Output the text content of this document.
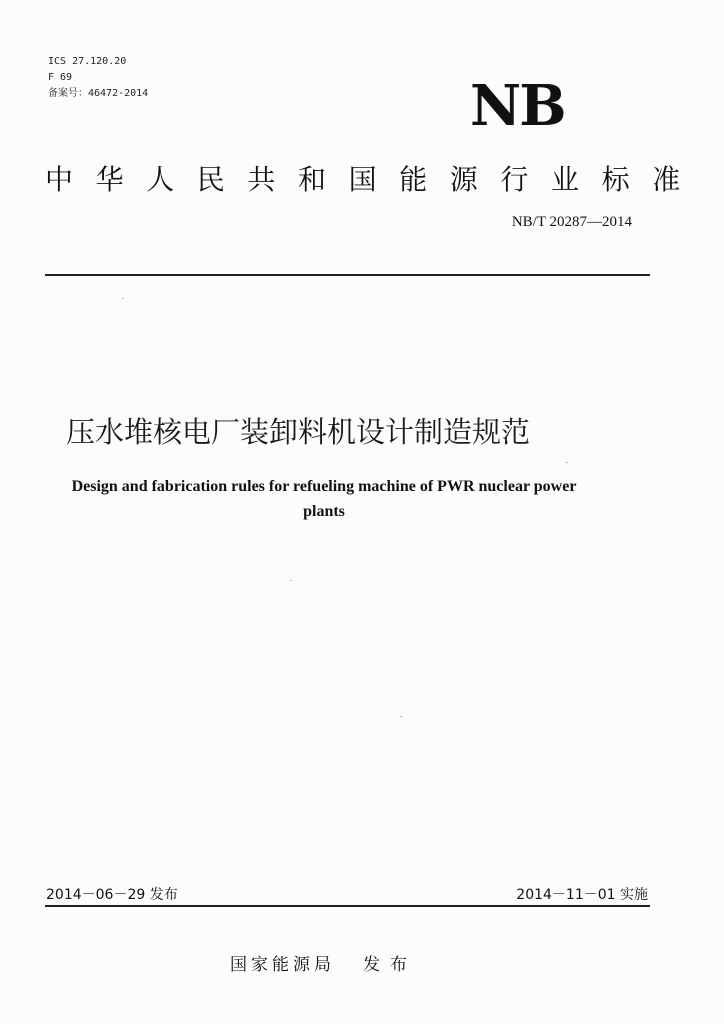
ICS 27.120.20
F 69
备案号：46472-2014	NB
中华人民共和国能源行业标准
NB/T 20287—2014
压水堆核电厂装卸料机设计制造规范
Design and fabrication rules for refueling machine of PWR nuclear power
plants
2014－06－29 发布	2014－11－01 实施
国家能源局 发布
